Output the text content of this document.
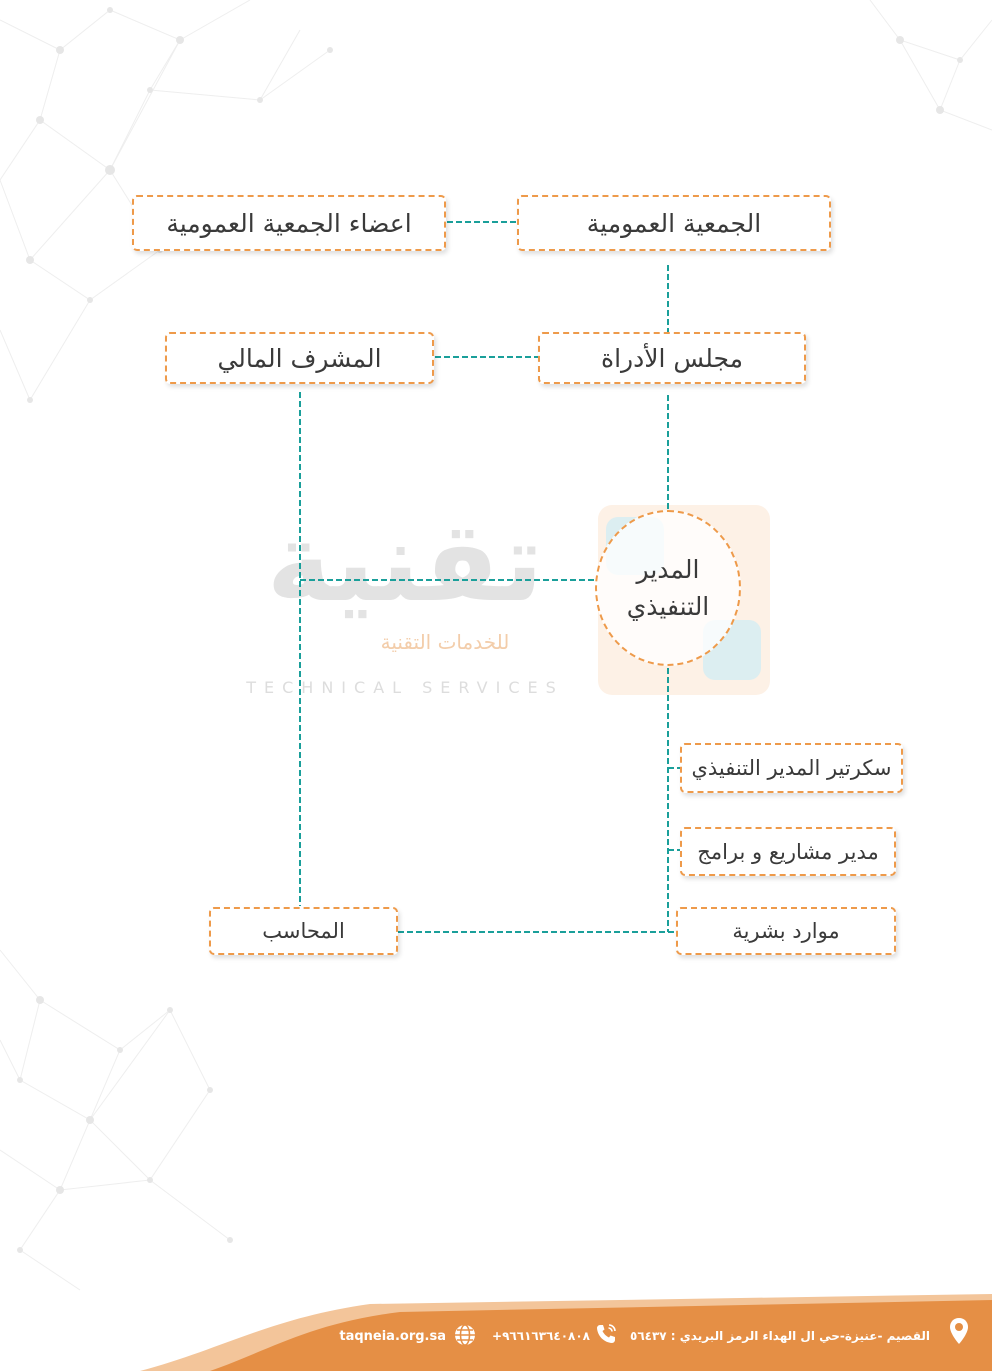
تقنية
للخدمات التقنية
TECHNICAL SERVICES
الجمعية العمومية
اعضاء الجمعية العمومية
مجلس الأدراة
المشرف المالي
المدير التنفيذي
سكرتير المدير التنفيذي
مدير مشاريع و برامج
موارد بشرية
المحاسب
القصيم -عنيزة-حي ال الهداء الرمز البريدي : ٥٦٤٣٧
+٩٦٦١٦٣٦٤٠٨٠٨
taqneia.org.sa
